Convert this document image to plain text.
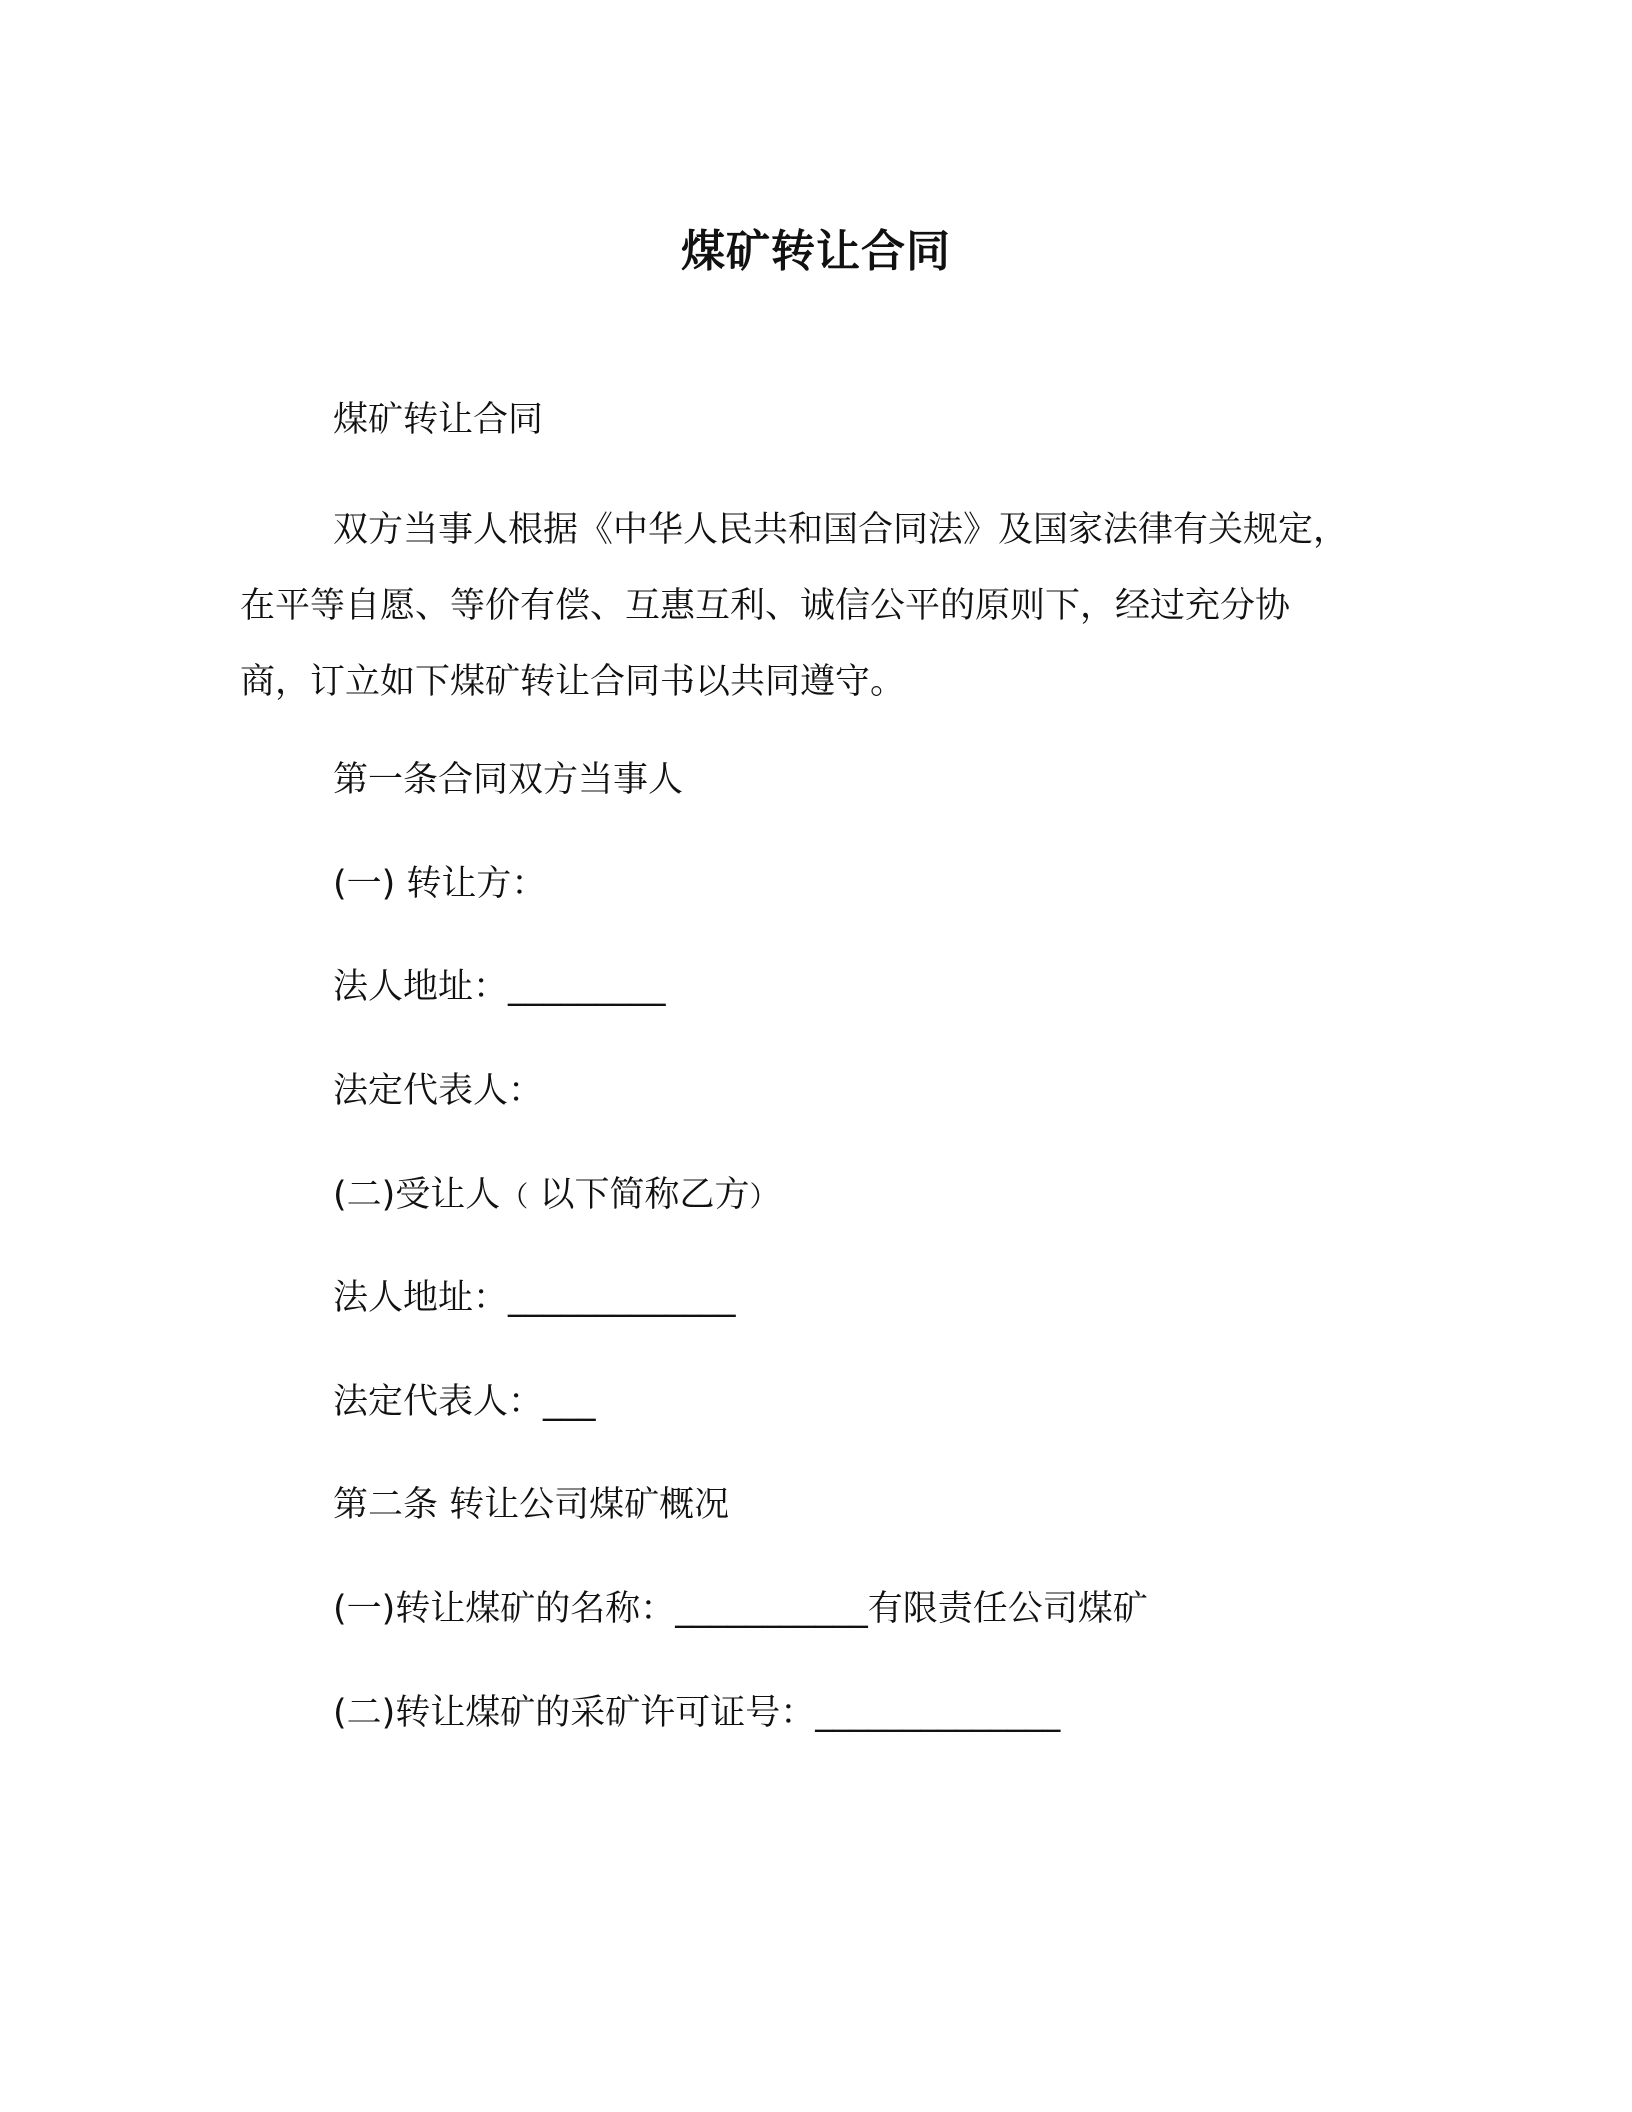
煤矿转让合同
煤矿转让合同
双方当事人根据《中华人民共和国合同法》及国家法律有关规定，
在平等自愿、等价有偿、互惠互利、诚信公平的原则下，经过充分协
商，订立如下煤矿转让合同书以共同遵守。
第一条合同双方当事人
(一) 转让方：
法人地址：_________
法定代表人：
(二)受让人（ 以下简称乙方）
法人地址：_____________
法定代表人：___
第二条 转让公司煤矿概况
(一)转让煤矿的名称：___________有限责任公司煤矿
(二)转让煤矿的采矿许可证号：______________
